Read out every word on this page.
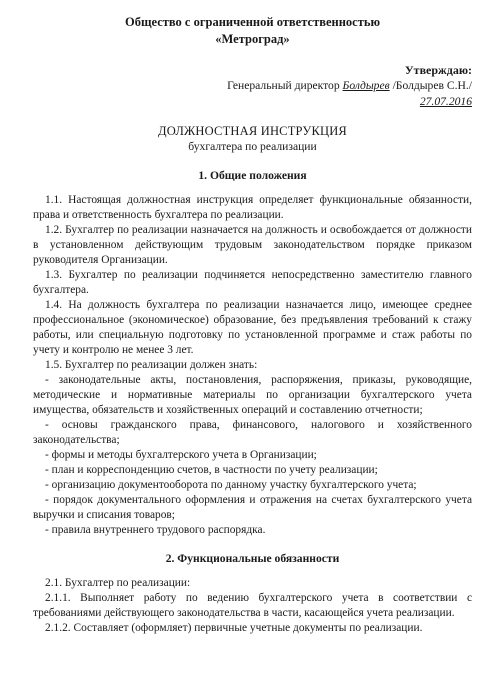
Общество с ограниченной ответственностью
«Метроград»
Утверждаю:
Генеральный директор Болдырев /Болдырев С.Н./
27.07.2016
ДОЛЖНОСТНАЯ ИНСТРУКЦИЯ
бухгалтера по реализации
1. Общие положения

1.1. Настоящая должностная инструкция определяет функциональные обязанности, права и ответственность бухгалтера по реализации.

1.2. Бухгалтер по реализации назначается на должность и освобождается от должности в установленном действующим трудовым законодательством порядке приказом руководителя Организации.

1.3. Бухгалтер по реализации подчиняется непосредственно заместителю главного бухгалтера.

1.4. На должность бухгалтера по реализации назначается лицо, имеющее среднее профессиональное (экономическое) образование, без предъявления требований к стажу работы, или специальную подготовку по установленной программе и стаж работы по учету и контролю не менее 3 лет.

1.5. Бухгалтер по реализации должен знать:

- законодательные акты, постановления, распоряжения, приказы, руководящие, методические и нормативные материалы по организации бухгалтерского учета имущества, обязательств и хозяйственных операций и составлению отчетности;

- основы гражданского права, финансового, налогового и хозяйственного законодательства;

- формы и методы бухгалтерского учета в Организации;

- план и корреспонденцию счетов, в частности по учету реализации;

- организацию документооборота по данному участку бухгалтерского учета;

- порядок документального оформления и отражения на счетах бухгалтерского учета выручки и списания товаров;

- правила внутреннего трудового распорядка.

2. Функциональные обязанности

2.1. Бухгалтер по реализации:

2.1.1. Выполняет работу по ведению бухгалтерского учета в соответствии с требованиями действующего законодательства в части, касающейся учета реализации.

2.1.2. Составляет (оформляет) первичные учетные документы по реализации.
